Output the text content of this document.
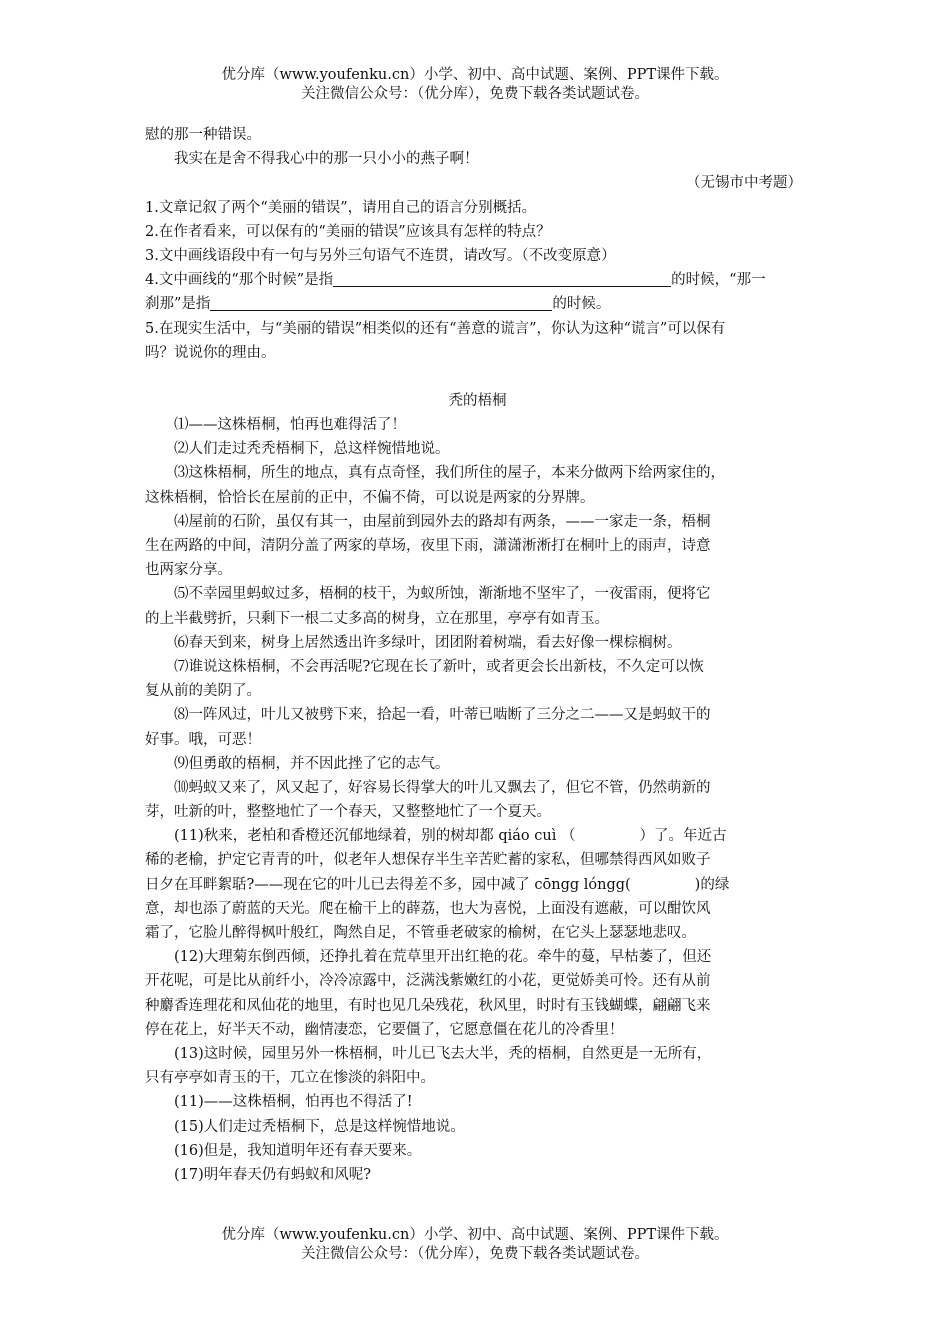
优分库（www.youfenku.cn）小学、初中、高中试题、案例、PPT课件下载。
关注微信公众号：（优分库），免费下载各类试题试卷。
慰的那一种错误。
我实在是舍不得我心中的那一只小小的燕子啊！
（无锡市中考题）
1.文章记叙了两个“美丽的错误”，请用自己的语言分别概括。
2.在作者看来，可以保有的“美丽的错误”应该具有怎样的特点？
3.文中画线语段中有一句与另外三句语气不连贯，请改写。（不改变原意）
4.文中画线的“那个时候”是指	的时候，“那一
刹那”是指	的时候。
5.在现实生活中，与“美丽的错误”相类似的还有“善意的谎言”，你认为这种“谎言”可以保有
吗？说说你的理由。
秃的梧桐
⑴——这株梧桐，怕再也难得活了！
⑵人们走过秃秃梧桐下，总这样惋惜地说。
⑶这株梧桐，所生的地点，真有点奇怪，我们所住的屋子，本来分做两下给两家住的，
这株梧桐，恰恰长在屋前的正中，不偏不倚，可以说是两家的分界牌。
⑷屋前的石阶，虽仅有其一，由屋前到园外去的路却有两条，——一家走一条，梧桐
生在两路的中间，清阴分盖了两家的草场，夜里下雨，潇潇淅淅打在桐叶上的雨声，诗意
也两家分享。
⑸不幸园里蚂蚁过多，梧桐的枝干，为蚁所蚀，渐渐地不坚牢了，一夜雷雨，便将它
的上半截劈折，只剩下一根二丈多高的树身，立在那里，亭亭有如青玉。
⑹春天到来，树身上居然透出许多绿叶，团团附着树端，看去好像一棵棕榈树。
⑺谁说这株梧桐，不会再活呢?它现在长了新叶，或者更会长出新枝，不久定可以恢
复从前的美阴了。
⑻一阵风过，叶儿又被劈下来，拾起一看，叶蒂已啮断了三分之二——又是蚂蚁干的
好事。哦，可恶！
⑼但勇敢的梧桐，并不因此挫了它的志气。
⑽蚂蚁又来了，风又起了，好容易长得掌大的叶儿又飘去了，但它不管，仍然萌新的
芽，吐新的叶，整整地忙了一个春天，又整整地忙了一个夏天。
(11)秋来，老柏和香橙还沉郁地绿着，别的树却都 qiáo cuì （	）了。年近古
稀的老榆，护定它青青的叶，似老年人想保存半生辛苦贮蓄的家私，但哪禁得西风如败子
日夕在耳畔絮聒?——现在它的叶儿已去得差不多，园中减了 cōngg lóngg(	)的绿
意，却也添了蔚蓝的天光。爬在榆干上的薜荔，也大为喜悦，上面没有遮蔽，可以酣饮风
霜了，它脸儿醉得枫叶般红，陶然自足，不管垂老破家的榆树，在它头上瑟瑟地悲叹。
(12)大理菊东倒西倾，还挣扎着在荒草里开出红艳的花。牵牛的蔓，早枯萎了，但还
开花呢，可是比从前纤小，冷冷凉露中，泛满浅紫嫩红的小花，更觉娇美可怜。还有从前
种麝香连理花和凤仙花的地里，有时也见几朵残花，秋风里，时时有玉钱蝴蝶，翩翩飞来
停在花上，好半天不动，幽情凄恋，它要僵了，它愿意僵在花儿的冷香里！
(13)这时候，园里另外一株梧桐，叶儿已飞去大半，秃的梧桐，自然更是一无所有，
只有亭亭如青玉的干，兀立在惨淡的斜阳中。
(11)——这株梧桐，怕再也不得活了!
(15)人们走过秃梧桐下，总是这样惋惜地说。
(16)但是，我知道明年还有春天要来。
(17)明年春天仍有蚂蚁和风呢?
优分库（www.youfenku.cn）小学、初中、高中试题、案例、PPT课件下载。
关注微信公众号：（优分库），免费下载各类试题试卷。
